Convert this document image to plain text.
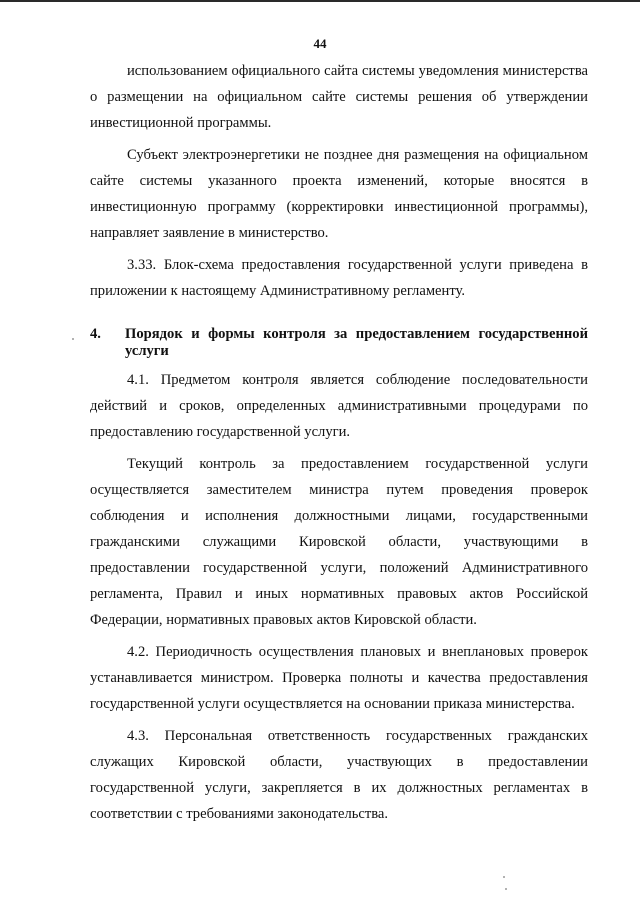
44

использованием официального сайта системы уведомления министерства о размещении на официальном сайте системы решения об утверждении инвестиционной программы.

Субъект электроэнергетики не позднее дня размещения на официальном сайте системы указанного проекта изменений, которые вносятся в инвестиционную программу (корректировки инвестиционной программы), направляет заявление в министерство.

3.33. Блок-схема предоставления государственной услуги приведена в приложении к настоящему Административному регламенту.

4.	Порядок и формы контроля за предоставлением государственной услуги

4.1. Предметом контроля является соблюдение последовательности действий и сроков, определенных административными процедурами по предоставлению государственной услуги.

Текущий контроль за предоставлением государственной услуги осуществляется заместителем министра путем проведения проверок соблюдения и исполнения должностными лицами, государственными гражданскими служащими Кировской области, участвующими в предоставлении государственной услуги, положений Административного регламента, Правил и иных нормативных правовых актов Российской Федерации, нормативных правовых актов Кировской области.

4.2. Периодичность осуществления плановых и внеплановых проверок устанавливается министром. Проверка полноты и качества предоставления государственной услуги осуществляется на основании приказа министерства.

4.3. Персональная ответственность государственных гражданских служащих Кировской области, участвующих в предоставлении государственной услуги, закрепляется в их должностных регламентах в соответствии с требованиями законодательства.
